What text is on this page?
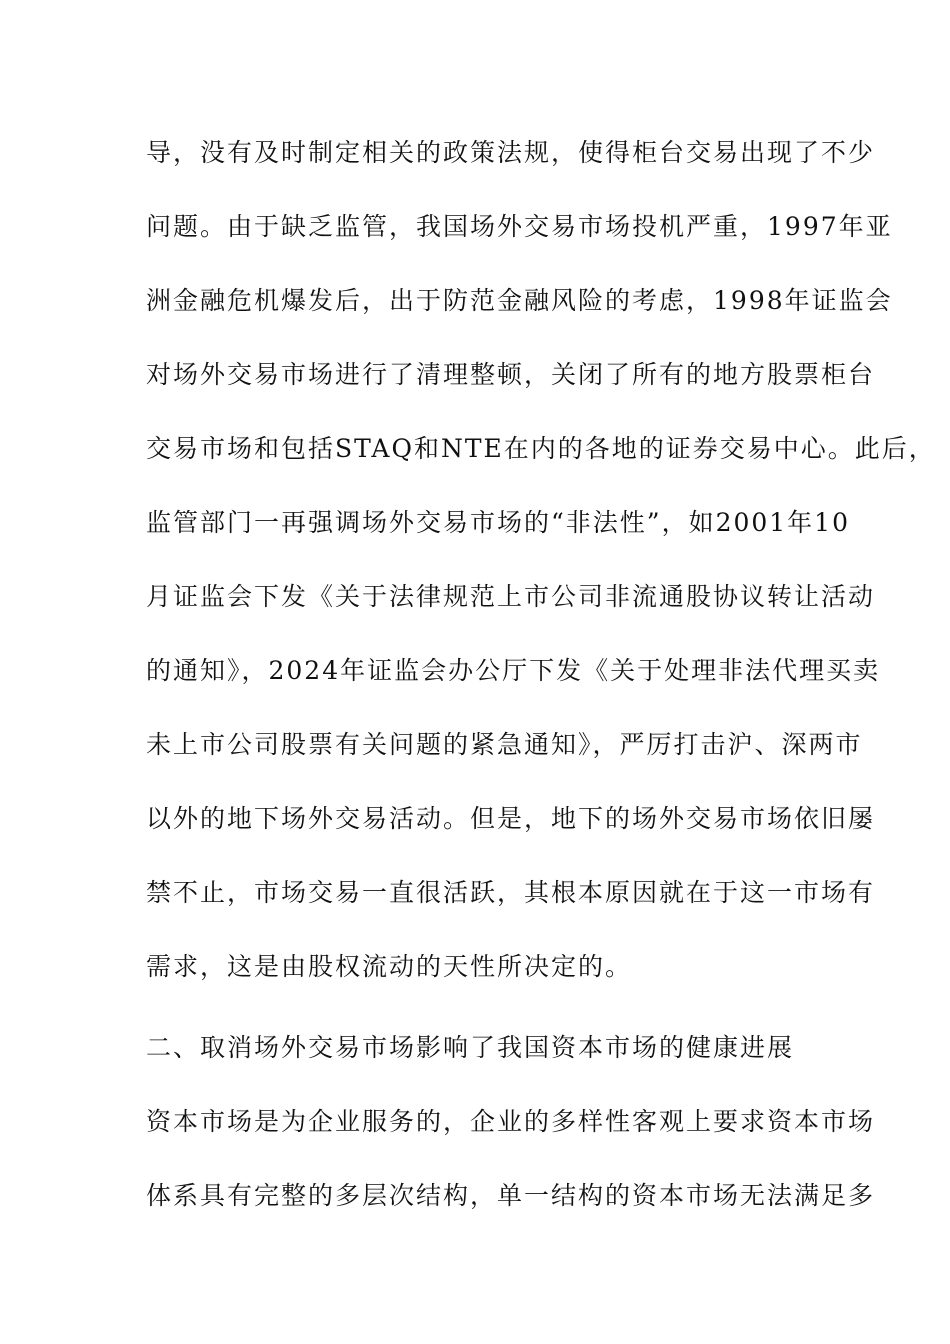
导，没有及时制定相关的政策法规，使得柜台交易出现了不少
问题。由于缺乏监管，我国场外交易市场投机严重，1997年亚
洲金融危机爆发后，出于防范金融风险的考虑，1998年证监会
对场外交易市场进行了清理整顿，关闭了所有的地方股票柜台
交易市场和包括STAQ和NTE在内的各地的证券交易中心。此后，
监管部门一再强调场外交易市场的“非法性”，如2001年10
月证监会下发《关于法律规范上市公司非流通股协议转让活动
的通知》，2024年证监会办公厅下发《关于处理非法代理买卖
未上市公司股票有关问题的紧急通知》，严厉打击沪、深两市
以外的地下场外交易活动。但是，地下的场外交易市场依旧屡
禁不止，市场交易一直很活跃，其根本原因就在于这一市场有
需求，这是由股权流动的天性所决定的。
二、取消场外交易市场影响了我国资本市场的健康进展
资本市场是为企业服务的，企业的多样性客观上要求资本市场
体系具有完整的多层次结构，单一结构的资本市场无法满足多
